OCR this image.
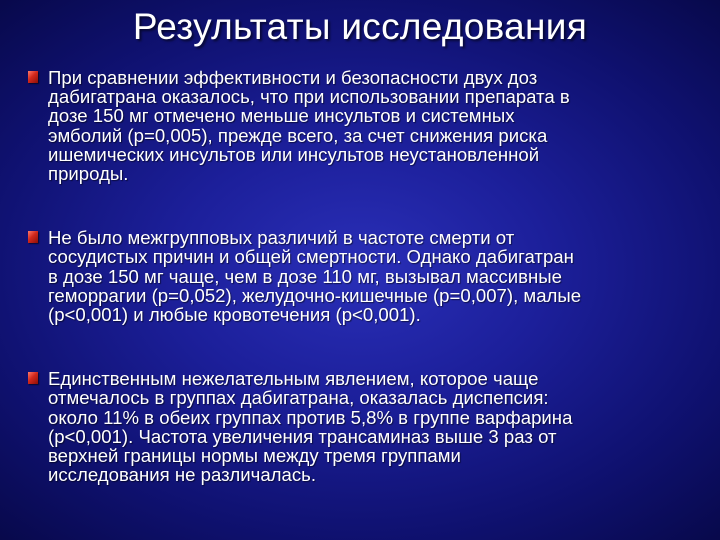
Результаты исследования
При сравнении эффективности и безопасности двух доз
дабигатрана оказалось, что при использовании препарата в
дозе 150 мг отмечено меньше инсультов и системных
эмболий (р=0,005), прежде всего, за счет снижения риска
ишемических инсультов или инсультов неустановленной
природы.
Не было межгрупповых различий в частоте смерти от
сосудистых причин и общей смертности. Однако дабигатран
в дозе 150 мг чаще, чем в дозе 110 мг, вызывал массивные
геморрагии (р=0,052), желудочно-кишечные (р=0,007), малые
(р<0,001) и любые кровотечения (р<0,001).
Единственным нежелательным явлением, которое чаще
отмечалось в группах дабигатрана, оказалась диспепсия:
около 11% в обеих группах против 5,8% в группе варфарина
(р<0,001). Частота увеличения трансаминаз выше 3 раз от
верхней границы нормы между тремя группами
исследования не различалась.
